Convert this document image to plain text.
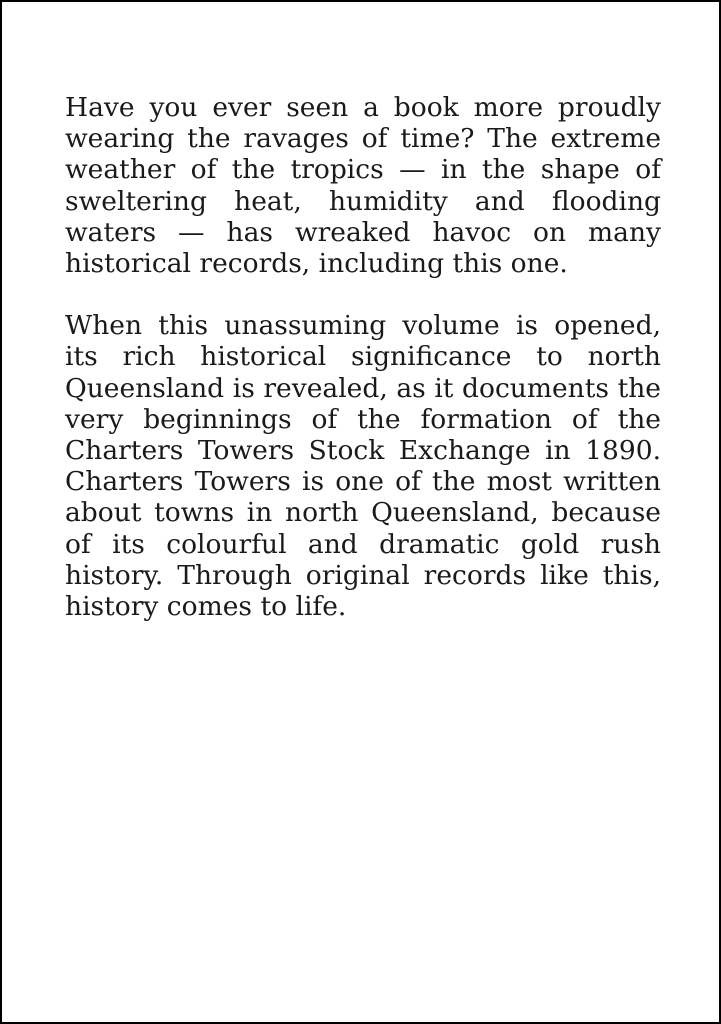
Have you ever seen a book more proudly wearing the ravages of time? The extreme weather of the tropics — in the shape of sweltering heat, humidity and flooding waters — has wreaked havoc on many historical records, including this one.

When this unassuming volume is opened, its rich historical significance to north Queensland is revealed, as it documents the very beginnings of the formation of the Charters Towers Stock Exchange in 1890. Charters Towers is one of the most written about towns in north Queensland, because of its colourful and dramatic gold rush history. Through original records like this, history comes to life.
